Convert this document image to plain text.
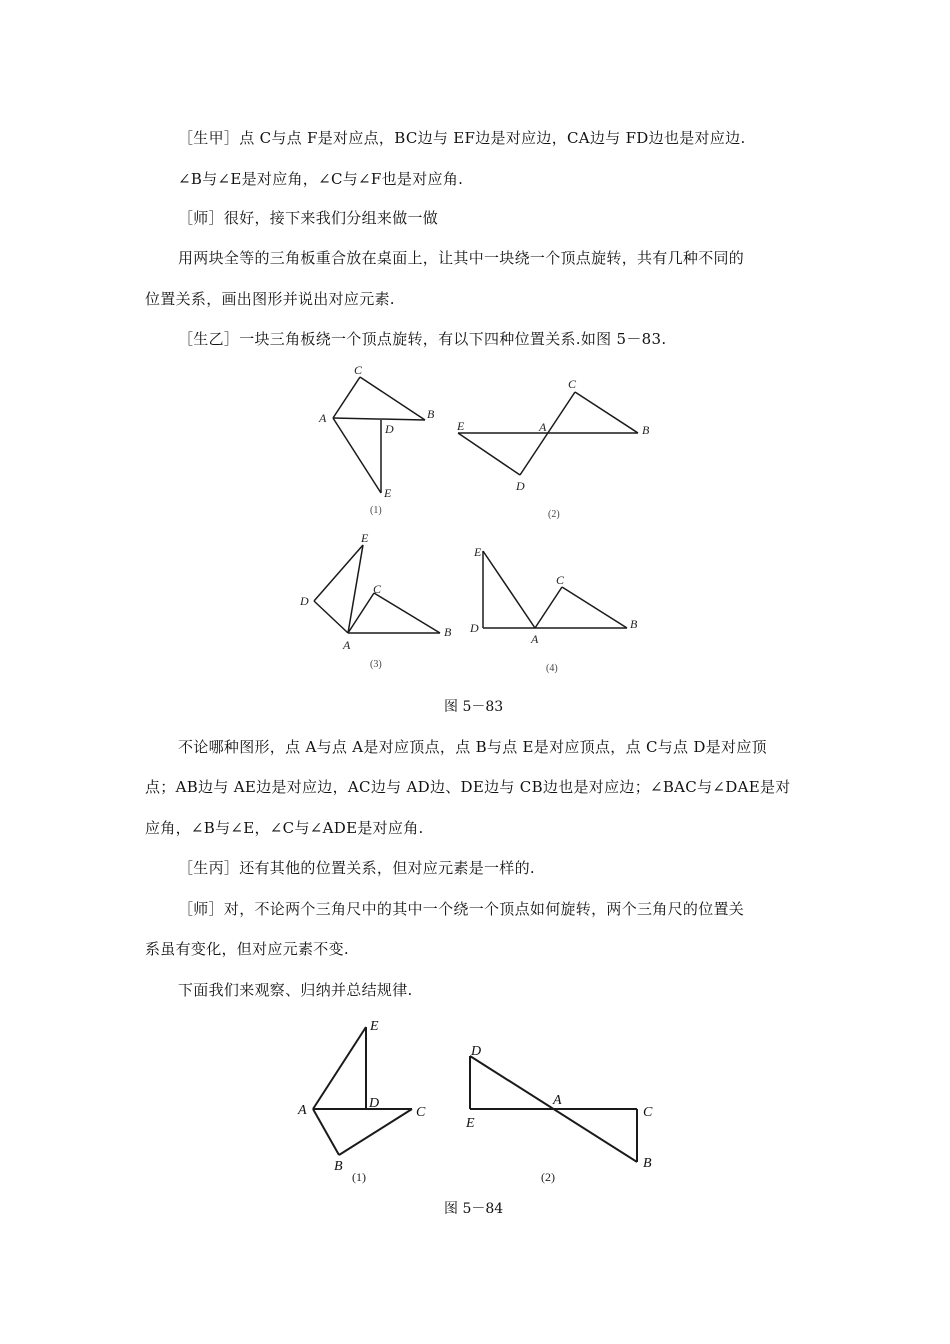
［生甲］点 C与点 F是对应点，BC边与 EF边是对应边，CA边与 FD边也是对应边.
∠B与∠E是对应角，∠C与∠F也是对应角.
［师］很好，接下来我们分组来做一做
用两块全等的三角板重合放在桌面上，让其中一块绕一个顶点旋转，共有几种不同的
位置关系，画出图形并说出对应元素.
［生乙］一块三角板绕一个顶点旋转，有以下四种位置关系.如图 5－83.
不论哪种图形，点 A与点 A是对应顶点，点 B与点 E是对应顶点，点 C与点 D是对应顶
点；AB边与 AE边是对应边，AC边与 AD边、DE边与 CB边也是对应边；∠BAC与∠DAE是对
应角，∠B与∠E，∠C与∠ADE是对应角.
［生丙］还有其他的位置关系，但对应元素是一样的.
［师］对，不论两个三角尺中的其中一个绕一个顶点如何旋转，两个三角尺的位置关
系虽有变化，但对应元素不变.
下面我们来观察、归纳并总结规律.
图 5－83
图 5－84
C
A	B
D
E
(1)
C
E	A	B
D
(2)
E
D
C
B
A
(3)
E
C
D
A
B
(4)
E
A	D
C
B
(1)
D
A
E
C
B
(2)
